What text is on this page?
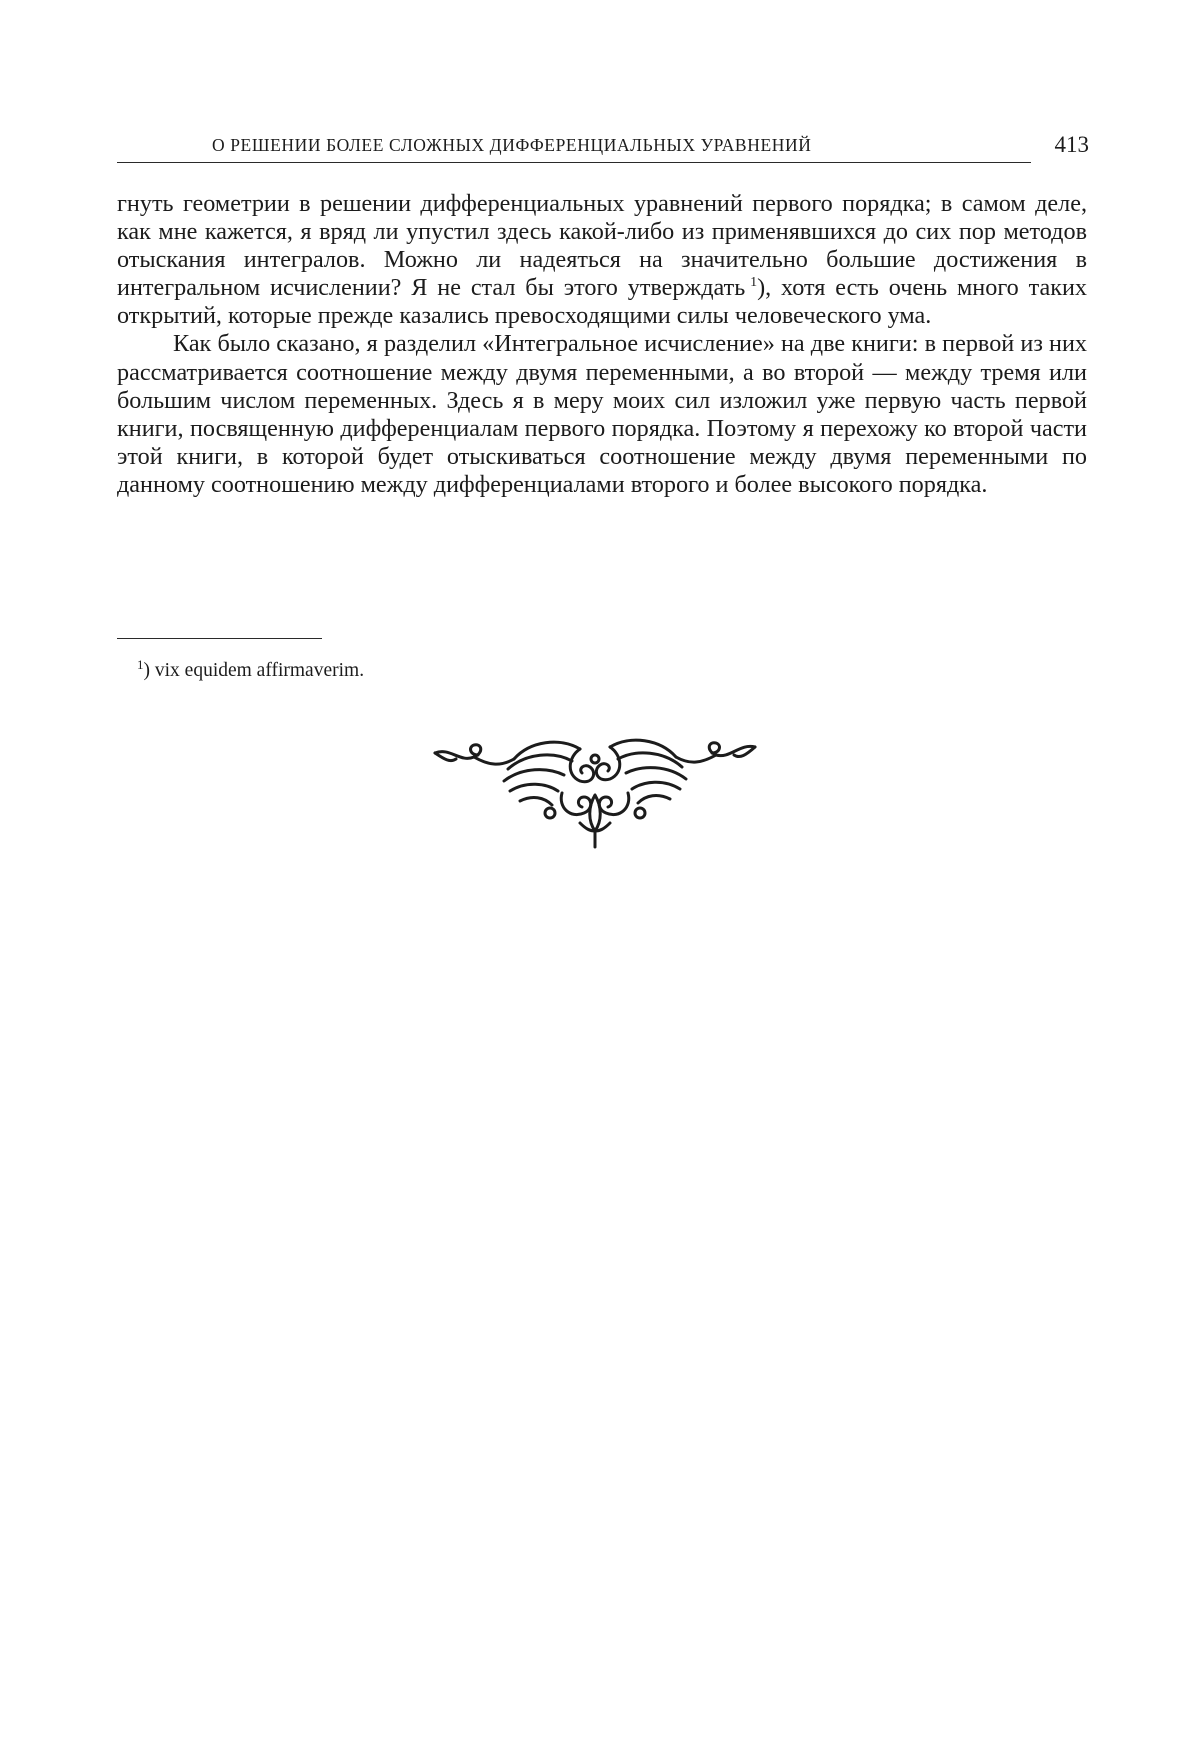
О РЕШЕНИИ БОЛЕЕ СЛОЖНЫХ ДИФФЕРЕНЦИАЛЬНЫХ УРАВНЕНИЙ	413

гнуть геометрии в решении дифференциальных уравнений первого порядка; в самом деле, как мне кажется, я вряд ли упустил здесь какой-либо из применявшихся до сих пор методов отыскания интегралов. Можно ли надеяться на значительно большие достижения в интегральном исчислении? Я не стал бы этого утверждать  $^1$), хотя есть очень много таких открытий, которые прежде казались превосходящими силы человеческого ума.

Как было сказано, я разделил «Интегральное исчисление» на две книги: в первой из них рассматривается соотношение между двумя переменными, а во второй — между тремя или большим числом переменных. Здесь я в меру моих сил изложил уже первую часть первой книги, посвященную дифференциалам первого порядка. Поэтому я перехожу ко второй части этой книги, в которой будет отыскиваться соотношение между двумя переменными по данному соотношению между дифференциалами второго и более высокого порядка.

$^1$) vix equidem affirmaverim.
